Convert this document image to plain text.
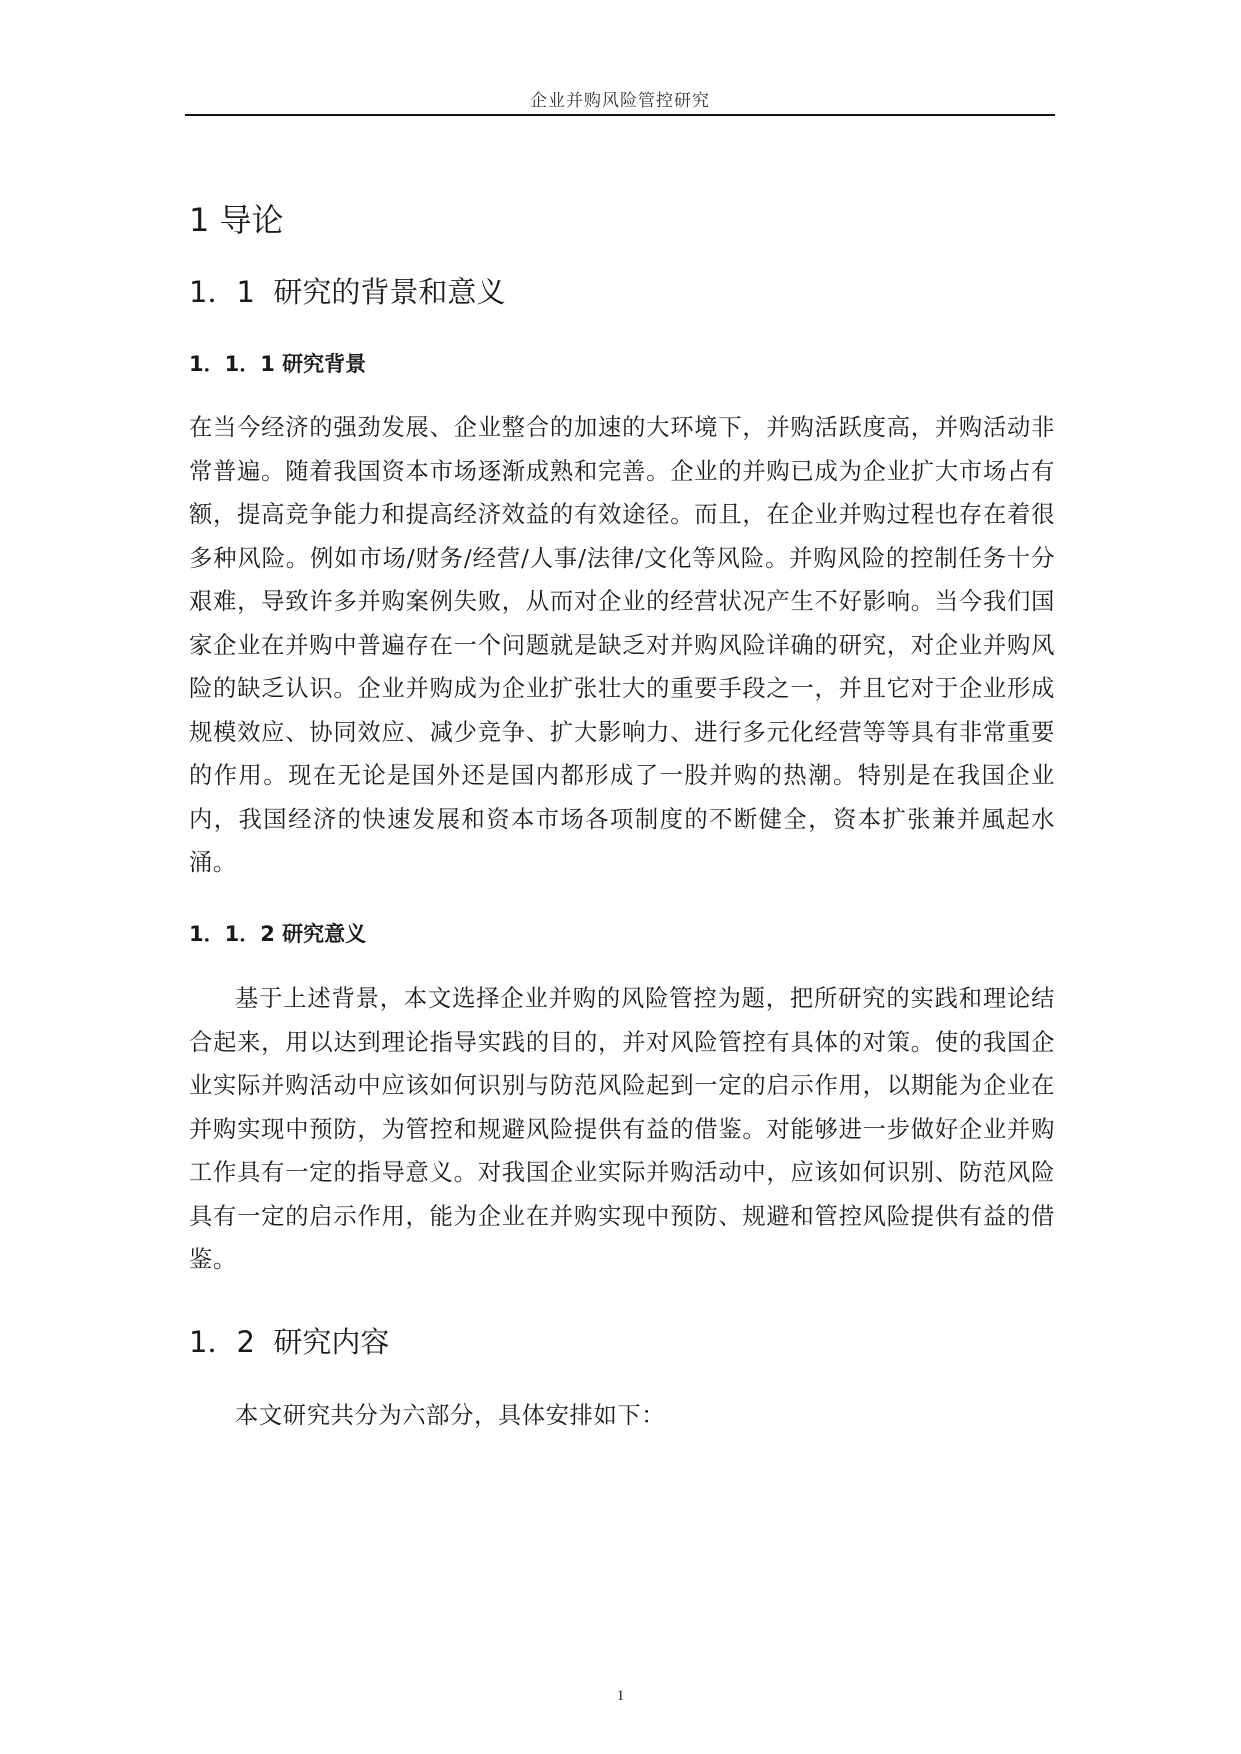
企业并购风险管控研究
1 导论
1．1  研究的背景和意义
1．1．1 研究背景

在当今经济的强劲发展、企业整合的加速的大环境下，并购活跃度高，并购活动非常普遍。随着我国资本市场逐渐成熟和完善。企业的并购已成为企业扩大市场占有额，提高竞争能力和提高经济效益的有效途径。而且，在企业并购过程也存在着很多种风险。例如市场/财务/经营/人事/法律/文化等风险。并购风险的控制任务十分艰难，导致许多并购案例失败，从而对企业的经营状况产生不好影响。当今我们国家企业在并购中普遍存在一个问题就是缺乏对并购风险详确的研究，对企业并购风险的缺乏认识。企业并购成为企业扩张壮大的重要手段之一，并且它对于企业形成规模效应、协同效应、减少竞争、扩大影响力、进行多元化经营等等具有非常重要的作用。现在无论是国外还是国内都形成了一股并购的热潮。特别是在我国企业内，我国经济的快速发展和资本市场各项制度的不断健全，资本扩张兼并風起水涌。

1．1．2 研究意义

基于上述背景，本文选择企业并购的风险管控为题，把所研究的实践和理论结合起来，用以达到理论指导实践的目的，并对风险管控有具体的对策。使的我国企业实际并购活动中应该如何识别与防范风险起到一定的启示作用，以期能为企业在并购实现中预防，为管控和规避风险提供有益的借鉴。对能够进一步做好企业并购工作具有一定的指导意义。对我国企业实际并购活动中，应该如何识别、防范风险具有一定的启示作用，能为企业在并购实现中预防、规避和管控风险提供有益的借鉴。

1．2  研究内容

本文研究共分为六部分，具体安排如下：

1
